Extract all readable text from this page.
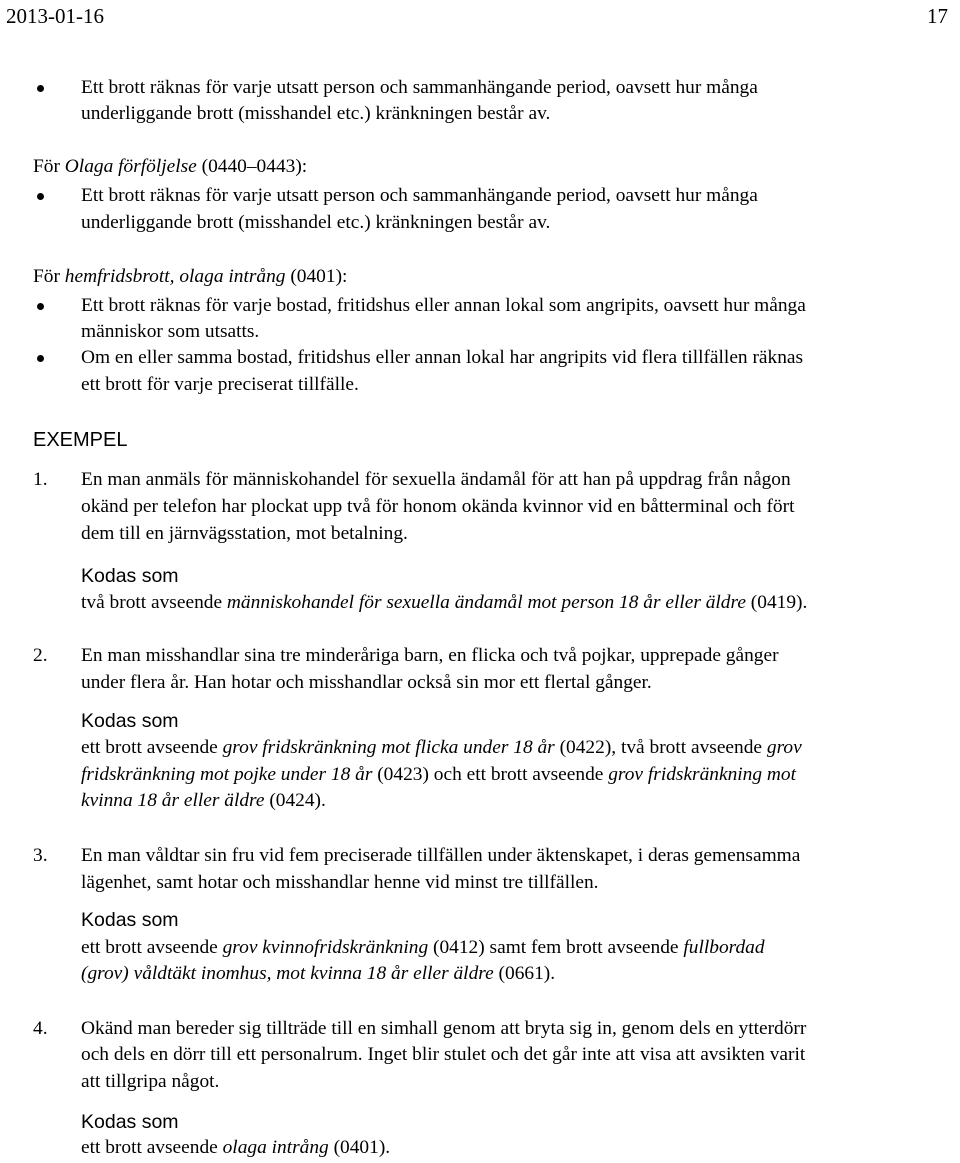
2013-01-16	17
Ett brott räknas för varje utsatt person och sammanhängande period, oavsett hur många
underliggande brott (misshandel etc.) kränkningen består av.
För Olaga förföljelse (0440–0443):
Ett brott räknas för varje utsatt person och sammanhängande period, oavsett hur många
underliggande brott (misshandel etc.) kränkningen består av.
För hemfridsbrott, olaga intrång (0401):
Ett brott räknas för varje bostad, fritidshus eller annan lokal som angripits, oavsett hur många
människor som utsatts.
Om en eller samma bostad, fritidshus eller annan lokal har angripits vid flera tillfällen räknas
ett brott för varje preciserat tillfälle.
EXEMPEL
1. En man anmäls för människohandel för sexuella ändamål för att han på uppdrag från någon
okänd per telefon har plockat upp två för honom okända kvinnor vid en båtterminal och fört
dem till en järnvägsstation, mot betalning.
Kodas som
två brott avseende människohandel för sexuella ändamål mot person 18 år eller äldre (0419).
2. En man misshandlar sina tre minderåriga barn, en flicka och två pojkar, upprepade gånger
under flera år. Han hotar och misshandlar också sin mor ett flertal gånger.
Kodas som
ett brott avseende grov fridskränkning mot flicka under 18 år (0422), två brott avseende grov
fridskränkning mot pojke under 18 år (0423) och ett brott avseende grov fridskränkning mot
kvinna 18 år eller äldre (0424).
3. En man våldtar sin fru vid fem preciserade tillfällen under äktenskapet, i deras gemensamma
lägenhet, samt hotar och misshandlar henne vid minst tre tillfällen.
Kodas som
ett brott avseende grov kvinnofridskränkning (0412) samt fem brott avseende fullbordad
(grov) våldtäkt inomhus, mot kvinna 18 år eller äldre (0661).
4. Okänd man bereder sig tillträde till en simhall genom att bryta sig in, genom dels en ytterdörr
och dels en dörr till ett personalrum. Inget blir stulet och det går inte att visa att avsikten varit
att tillgripa något.
Kodas som
ett brott avseende olaga intrång (0401).
